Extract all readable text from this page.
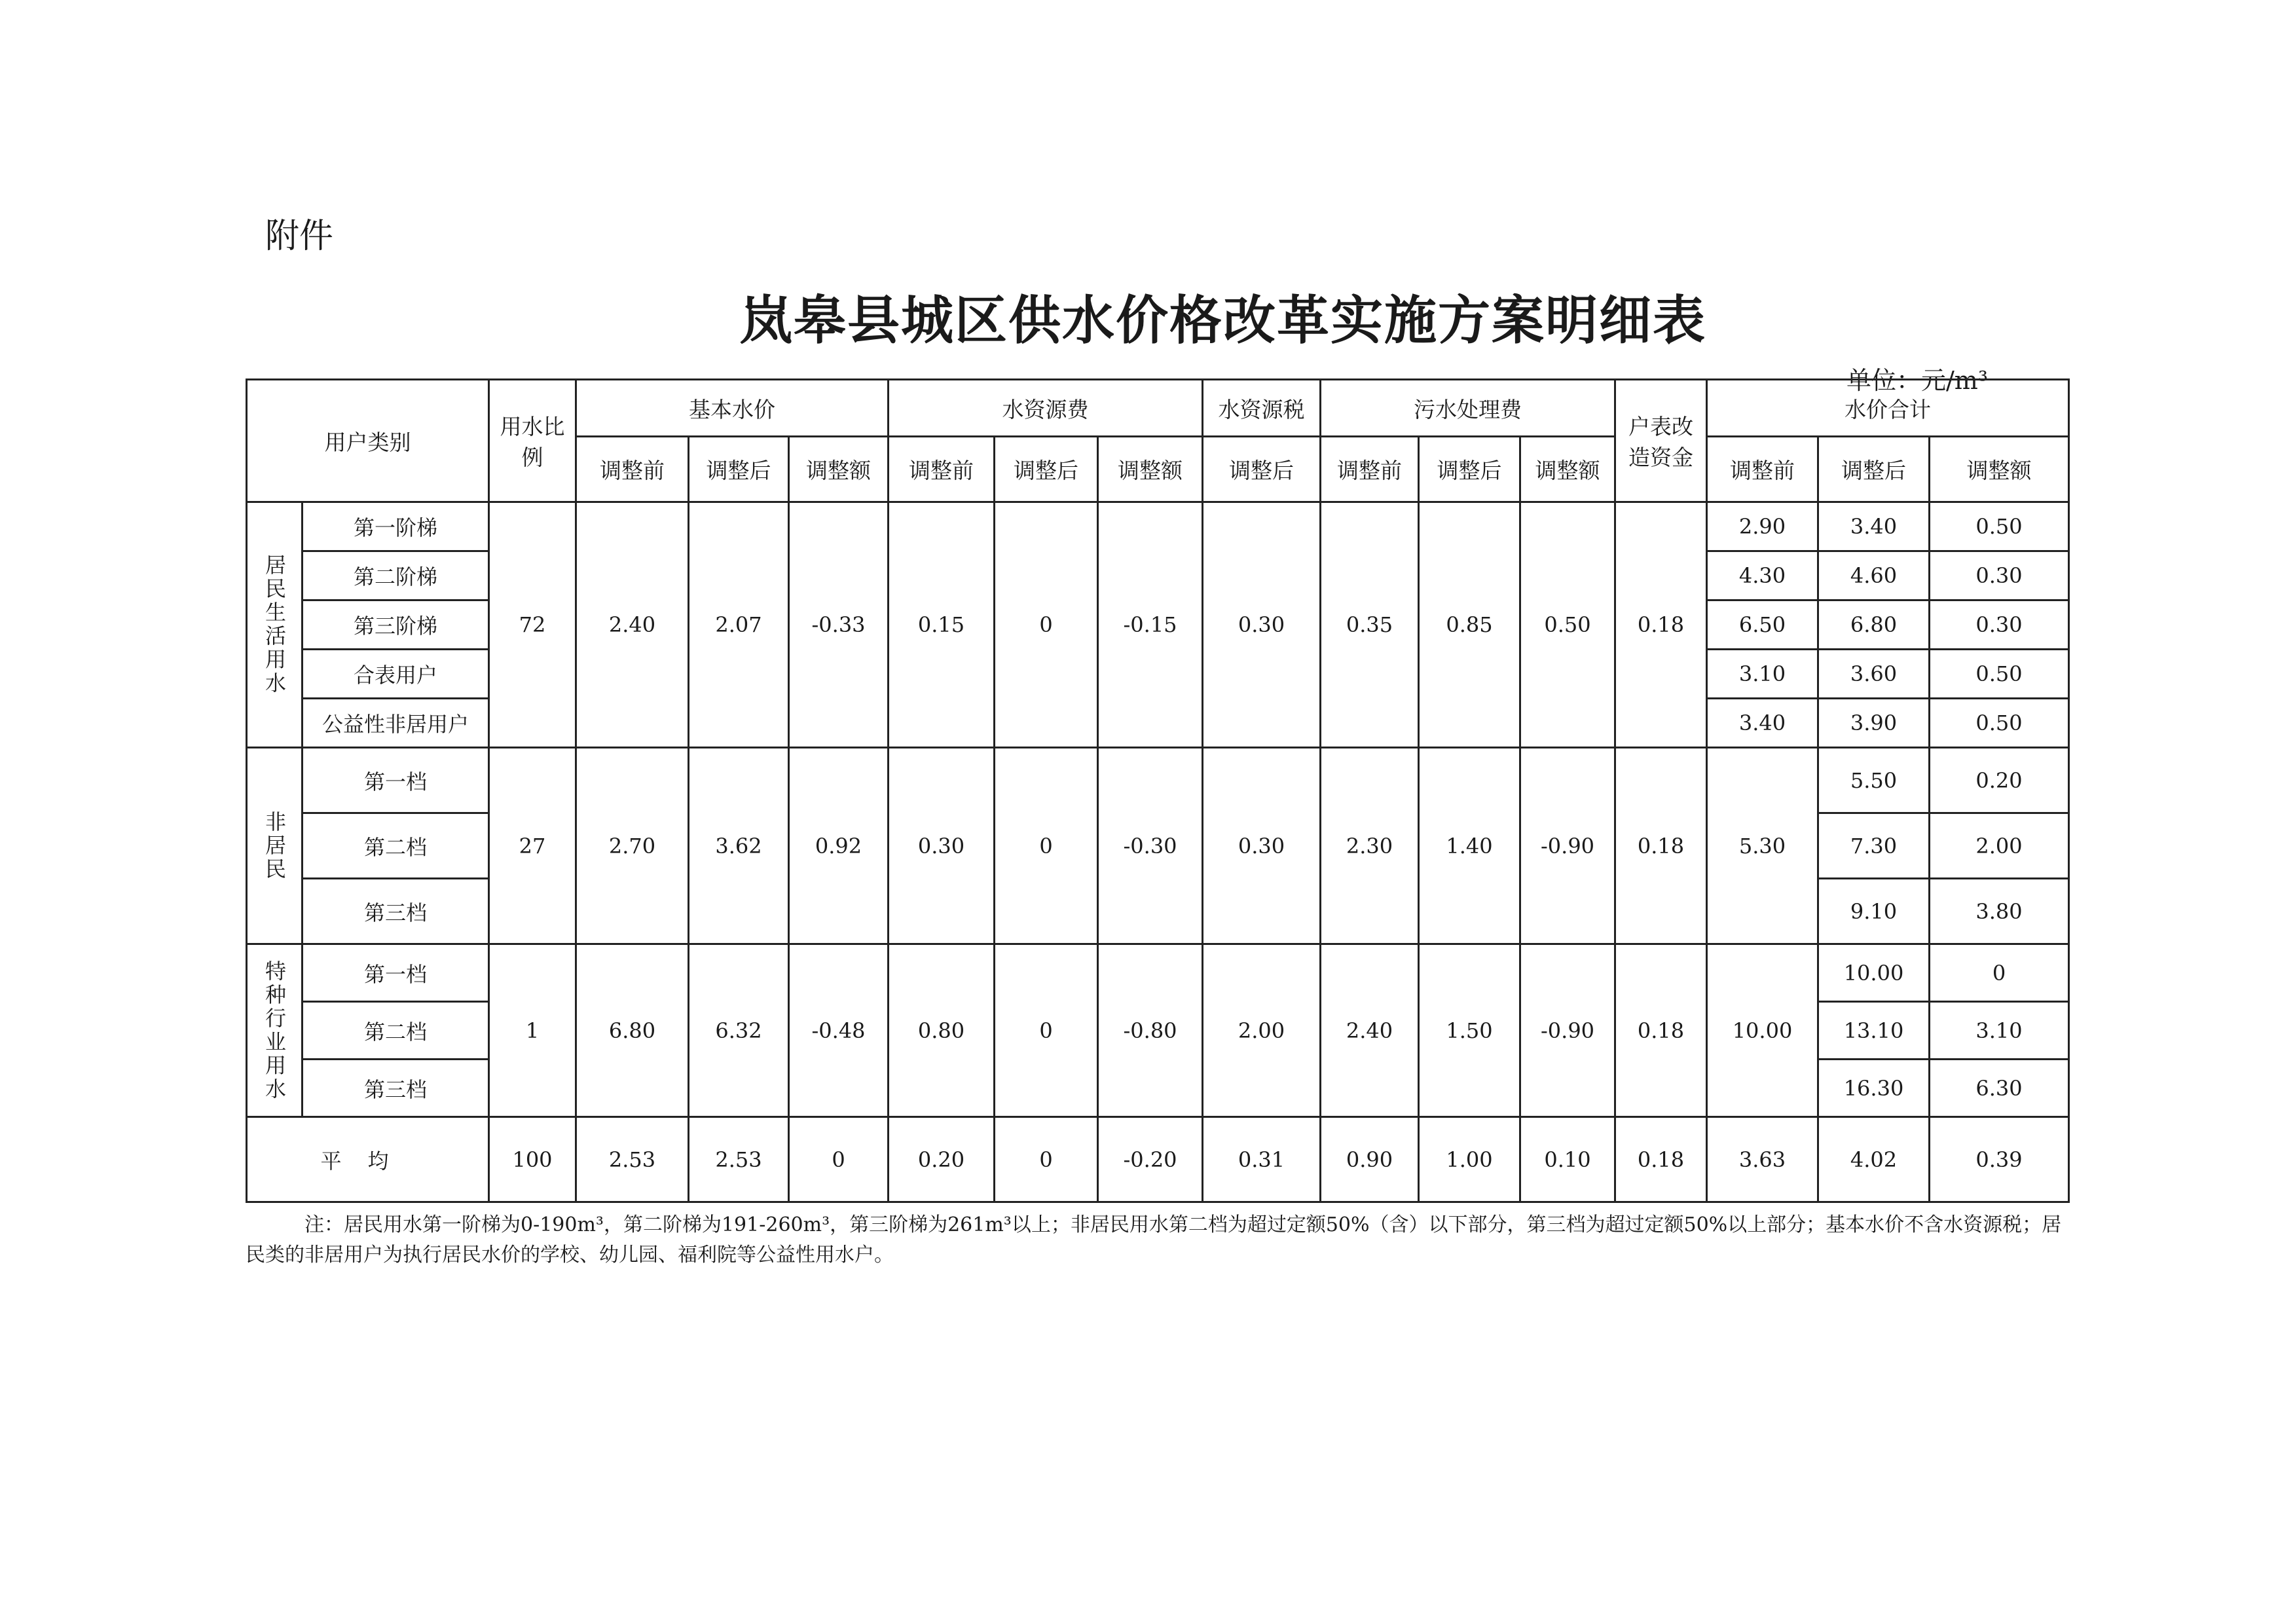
附件
岚皋县城区供水价格改革实施方案明细表
单位：元/m³
用户类别		用水比例	基本水价			水资源费			水资源税	污水处理费			户表改造资金	水价合计		
			调整前	调整后	调整额	调整前	调整后	调整额	调整后	调整前	调整后	调整额		调整前	调整后	调整额
居民生活用水	第一阶梯	72	2.40	2.07	-0.33	0.15	0	-0.15	0.30	0.35	0.85	0.50	0.18	2.90	3.40	0.50
	第二阶梯													4.30	4.60	0.30
	第三阶梯													6.50	6.80	0.30
	合表用户													3.10	3.60	0.50
	公益性非居用户													3.40	3.90	0.50
非居民	第一档	27	2.70	3.62	0.92	0.30	0	-0.30	0.30	2.30	1.40	-0.90	0.18	5.30	5.50	0.20
	第二档														7.30	2.00
	第三档														9.10	3.80
特种行业用水	第一档	1	6.80	6.32	-0.48	0.80	0	-0.80	2.00	2.40	1.50	-0.90	0.18	10.00	10.00	0
	第二档														13.10	3.10
	第三档														16.30	6.30
平均		100	2.53	2.53	0	0.20	0	-0.20	0.31	0.90	1.00	0.10	0.18	3.63	4.02	0.39
注：居民用水第一阶梯为0-190m³，第二阶梯为191-260m³，第三阶梯为261m³以上；非居民用水第二档为超过定额50%（含）以下部分，第三档为超过定额50%以上部分；基本水价不含水资源税；居民类的非居用户为执行居民水价的学校、幼儿园、福利院等公益性用水户。
